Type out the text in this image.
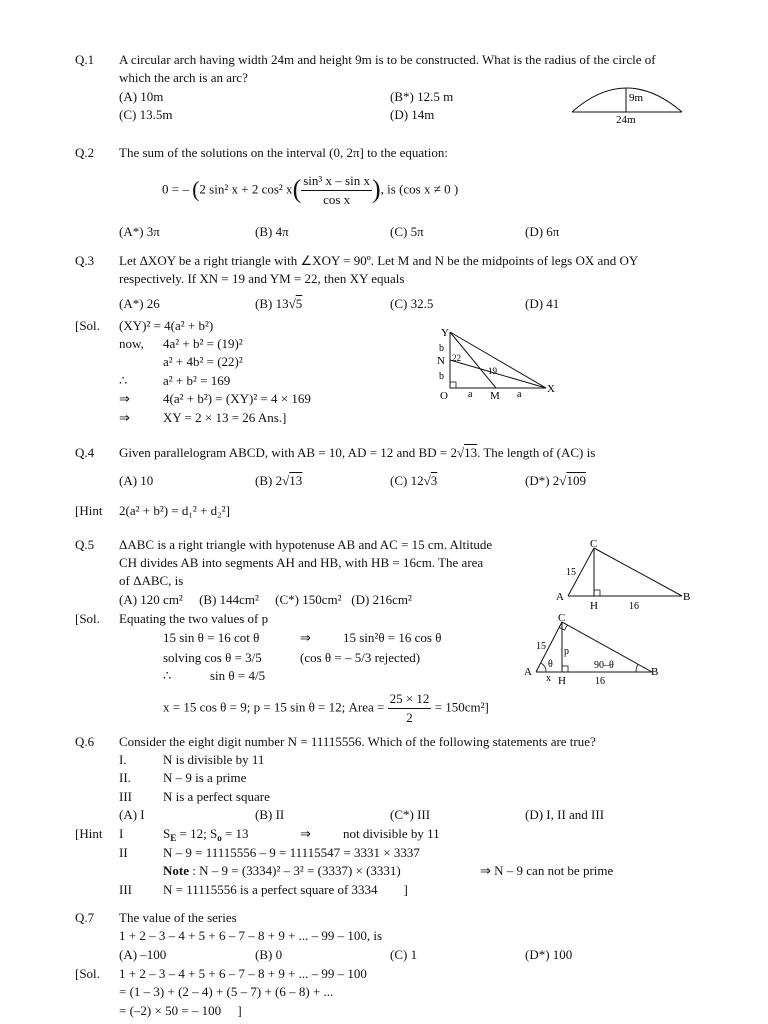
Q.1 A circular arch having width 24m and height 9m is to be constructed. What is the radius of the circle of
which the arch is an arc?
(A) 10m	(B*) 12.5 m
(C) 13.5m	(D) 14m
9m
24m
Q.2 The sum of the solutions on the interval (0, 2π] to the equation:
0 = – (2 sin² x + 2 cos² $x( \frac{\text{sin³ x – sin x}}{\text{cos x}}$ ), is (cos x ≠ 0 )
(A*) 3π	(B) 4π	(C) 5π	(D) 6π
Q.3 Let ΔXOY be a right triangle with ∠XOY = 90º. Let M and N be the midpoints of legs OX and OY
respectively. If XN = 19 and YM = 22, then XY equals
(A*) 26	(B) 13√5	(C) 32.5	(D) 41
[Sol. (XY)² = 4(a² + b²)
now, 4a² + b² = (19)²
a² + 4b² = (22)²
∴	a² + b² = 169
⇒	4(a² + b²) = (XY)² = 4 × 169
⇒	XY = 2 × 13 = 26 Ans.]
Y
N
O	M
X
b
b
a	a
22
19
Q.4 Given parallelogram ABCD, with AB = 10, AD = 12 and BD = 2√13. The length of (AC) is
(A) 10	(B) 2√13	(C) 12√3	(D*) 2√109
[Hint 2(a² + b²) = d₁² + d₂²]
Q.5 ΔABC is a right triangle with hypotenuse AB and AC = 15 cm. Altitude
CH divides AB into segments AH and HB, with HB = 16cm. The area
of ΔABC, is
(A) 120 cm²     (B) 144cm²     (C*) 150cm²   (D) 216cm²
C
A
H
B
15
16
[Sol. Equating the two values of p
15 sin θ = 16 cot θ	⇒ 15 sin²θ = 16 cos θ
solving cos θ = 3/5	(cos θ = – 5/3 rejected)
∴	sin θ = 4/5
x = 15 cos θ = 9; p = 15 sin θ = 12; Area = $\frac{25 \times 12}{2} = 150cm^2$]
C
A
H
B
15
16
p
x
θ	90–θ
Q.6 Consider the eight digit number N = 11115556. Which of the following statements are true?
I.	N is divisible by 11
II. N – 9 is a prime
III N is a perfect square
(A) I	(B) II	(C*) III	(D) I, II and III
[Hint I	$S_E = 12$; $S_o = 13$	⇒ not divisible by 11
II	N – 9 = 11115556 – 9 = 11115547 = 3331 × 3337
Note : N – 9 = (3334)² – 3² = (3337) × (3331)	⇒ N – 9 can not be prime
III N = 11115556 is a perfect square of 3334        ]
Q.7 The value of the series
1 + 2 – 3 – 4 + 5 + 6 – 7 – 8 + 9 + ... – 99 – 100, is
(A) –100	(B) 0	(C) 1	(D*) 100
[Sol. 1 + 2 – 3 – 4 + 5 + 6 – 7 – 8 + 9 + ... – 99 – 100
= (1 – 3) + (2 – 4) + (5 – 7) + (6 – 8) + ...
= (–2) × 50 = – 100     ]
